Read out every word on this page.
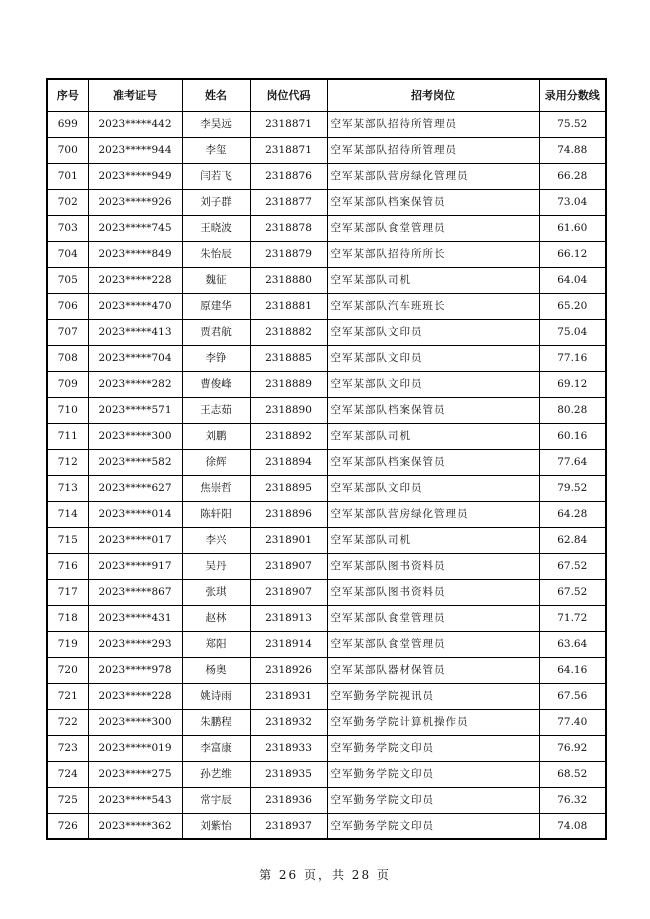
序号	准考证号	姓名	岗位代码	招考岗位	录用分数线
699	2023*****442	李昊远	2318871	空军某部队招待所管理员	75.52
700	2023*****944	李玺	2318871	空军某部队招待所管理员	74.88
701	2023*****949	闫若飞	2318876	空军某部队营房绿化管理员	66.28
702	2023*****926	刘子群	2318877	空军某部队档案保管员	73.04
703	2023*****745	王晓波	2318878	空军某部队食堂管理员	61.60
704	2023*****849	朱怡辰	2318879	空军某部队招待所所长	66.12
705	2023*****228	魏征	2318880	空军某部队司机	64.04
706	2023*****470	原建华	2318881	空军某部队汽车班班长	65.20
707	2023*****413	贾君航	2318882	空军某部队文印员	75.04
708	2023*****704	李铮	2318885	空军某部队文印员	77.16
709	2023*****282	曹俊峰	2318889	空军某部队文印员	69.12
710	2023*****571	王志茹	2318890	空军某部队档案保管员	80.28
711	2023*****300	刘鹏	2318892	空军某部队司机	60.16
712	2023*****582	徐辉	2318894	空军某部队档案保管员	77.64
713	2023*****627	焦崇哲	2318895	空军某部队文印员	79.52
714	2023*****014	陈轩阳	2318896	空军某部队营房绿化管理员	64.28
715	2023*****017	李兴	2318901	空军某部队司机	62.84
716	2023*****917	吴丹	2318907	空军某部队图书资料员	67.52
717	2023*****867	张琪	2318907	空军某部队图书资料员	67.52
718	2023*****431	赵林	2318913	空军某部队食堂管理员	71.72
719	2023*****293	郑阳	2318914	空军某部队食堂管理员	63.64
720	2023*****978	杨奥	2318926	空军某部队器材保管员	64.16
721	2023*****228	姚诗雨	2318931	空军勤务学院视讯员	67.56
722	2023*****300	朱鹏程	2318932	空军勤务学院计算机操作员	77.40
723	2023*****019	李富康	2318933	空军勤务学院文印员	76.92
724	2023*****275	孙艺维	2318935	空军勤务学院文印员	68.52
725	2023*****543	常宇辰	2318936	空军勤务学院文印员	76.32
726	2023*****362	刘紫怡	2318937	空军勤务学院文印员	74.08
第 26 页，共 28 页
